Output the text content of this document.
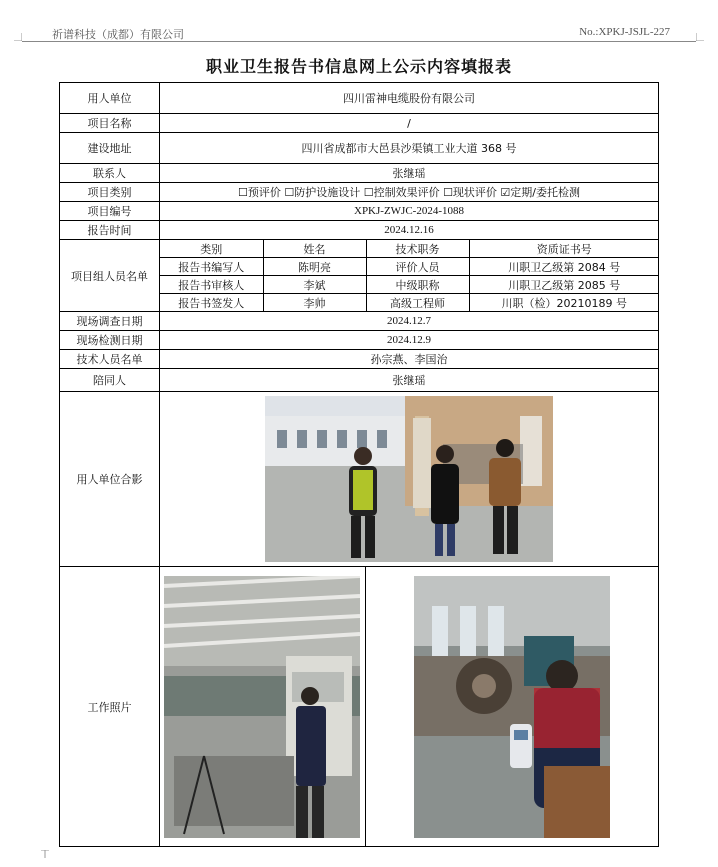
祈谱科技（成都）有限公司	No.:XPKJ-JSJL-227
职业卫生报告书信息网上公示内容填报表
用人单位	四川雷神电缆股份有限公司
项目名称	/
建设地址	四川省成都市大邑县沙渠镇工业大道 368 号
联系人	张继瑶
项目类别	☐预评价 ☐防护设施设计 ☐控制效果评价 ☐现状评价 ☑定期/委托检测
项目编号	XPKJ-ZWJC-2024-1088
报告时间	2024.12.16
项目组人员名单	
类别	姓名	技术职务	资质证书号
报告书编写人	陈明亮	评价人员	川职卫乙级第 2084 号
报告书审核人	李斌	中级职称	川职卫乙级第 2085 号
报告书签发人	李帅	高级工程师	川职（检）20210189 号

现场调查日期	2024.12.7
现场检测日期	2024.12.9
技术人员名单	孙宗燕、李国治
陪同人	张继瑶
用人单位合影	

工作照片	
